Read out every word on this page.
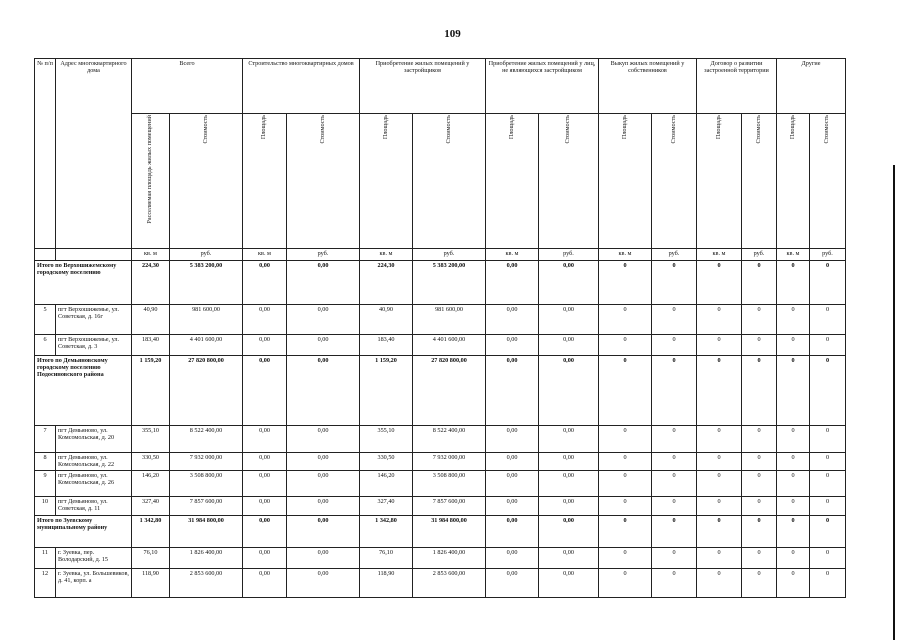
109
№ п/п	Адрес многоквартирного дома	Всего		Строительство многоквартирных домов		Приобретение жилых помещений у застройщиков		Приобретение жилых помещений у лиц, не являющихся застройщиком		Выкуп жилых помещений у собственников		Договор о развитии застроенной территории		Другие	
		Расселяемая площадь жилых помещений	Стоимость	Площадь	Стоимость	Площадь	Стоимость	Площадь	Стоимость	Площадь	Стоимость	Площадь	Стоимость	Площадь	Стоимость
		кв. м	руб.	кв. м	руб.	кв. м	руб.	кв. м	руб.	кв. м	руб.	кв. м	руб.	кв. м	руб.
Итого по Верхошижемскому городскому поселению		224,30	5 383 200,00	0,00	0,00	224,30	5 383 200,00	0,00	0,00	0	0	0	0	0	0
5	пгт Верхошижемье, ул. Советская, д. 16г	40,90	981 600,00	0,00	0,00	40,90	981 600,00	0,00	0,00	0	0	0	0	0	0
6	пгт Верхошижемье, ул. Советская, д. 3	183,40	4 401 600,00	0,00	0,00	183,40	4 401 600,00	0,00	0,00	0	0	0	0	0	0
Итого по Демьяновскому городскому поселению Подосиновского района		1 159,20	27 820 800,00	0,00	0,00	1 159,20	27 820 800,00	0,00	0,00	0	0	0	0	0	0
7	пгт Демьяново, ул. Комсомольская, д. 20	355,10	8 522 400,00	0,00	0,00	355,10	8 522 400,00	0,00	0,00	0	0	0	0	0	0
8	пгт Демьяново, ул. Комсомольская, д. 22	330,50	7 932 000,00	0,00	0,00	330,50	7 932 000,00	0,00	0,00	0	0	0	0	0	0
9	пгт Демьяново, ул. Комсомольская, д. 26	146,20	3 508 800,00	0,00	0,00	146,20	3 508 800,00	0,00	0,00	0	0	0	0	0	0
10	пгт Демьяново, ул. Советская, д. 11	327,40	7 857 600,00	0,00	0,00	327,40	7 857 600,00	0,00	0,00	0	0	0	0	0	0
Итого по Зуевскому муниципальному району		1 342,80	31 984 800,00	0,00	0,00	1 342,80	31 984 800,00	0,00	0,00	0	0	0	0	0	0
11	г. Зуевка, пер. Володарский, д. 15	76,10	1 826 400,00	0,00	0,00	76,10	1 826 400,00	0,00	0,00	0	0	0	0	0	0
12	г. Зуевка, ул. Большевиков, д. 41, корп. а	118,90	2 853 600,00	0,00	0,00	118,90	2 853 600,00	0,00	0,00	0	0	0	0	0	0
